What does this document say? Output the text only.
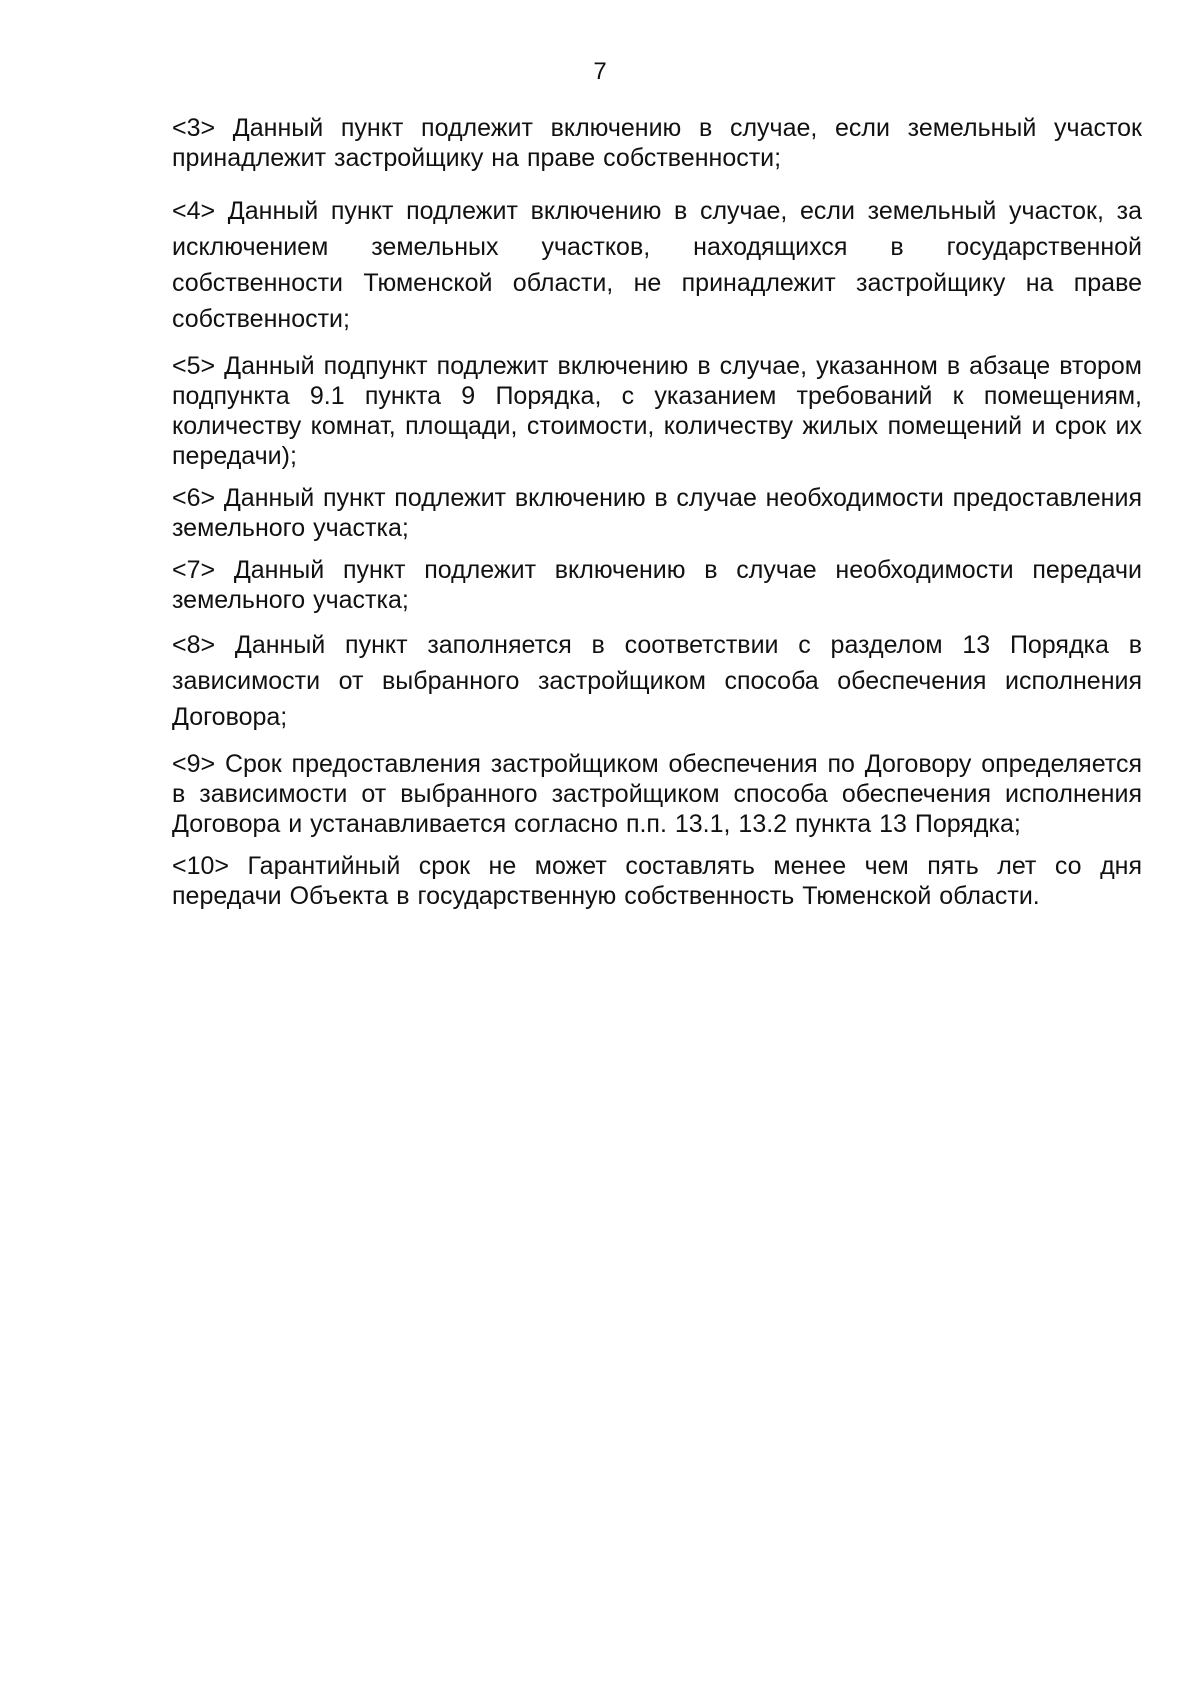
7

<3> Данный пункт подлежит включению в случае, если земельный участок принадлежит застройщику на праве собственности;

<4> Данный пункт подлежит включению в случае, если земельный участок, за исключением земельных участков, находящихся в государственной собственности Тюменской области, не принадлежит застройщику на праве собственности;

<5> Данный подпункт подлежит включению в случае, указанном в абзаце втором подпункта 9.1 пункта 9 Порядка, с указанием требований к помещениям, количеству комнат, площади, стоимости, количеству жилых помещений и срок их передачи);

<6> Данный пункт подлежит включению в случае необходимости предоставления земельного участка;

<7> Данный пункт подлежит включению в случае необходимости передачи земельного участка;

<8> Данный пункт заполняется в соответствии с разделом 13 Порядка в зависимости от выбранного застройщиком способа обеспечения исполнения Договора;

<9> Срок предоставления застройщиком обеспечения по Договору определяется в зависимости от выбранного застройщиком способа обеспечения исполнения Договора и устанавливается согласно п.п. 13.1, 13.2 пункта 13 Порядка;

<10> Гарантийный срок не может составлять менее чем пять лет со дня передачи Объекта в государственную собственность Тюменской области.
